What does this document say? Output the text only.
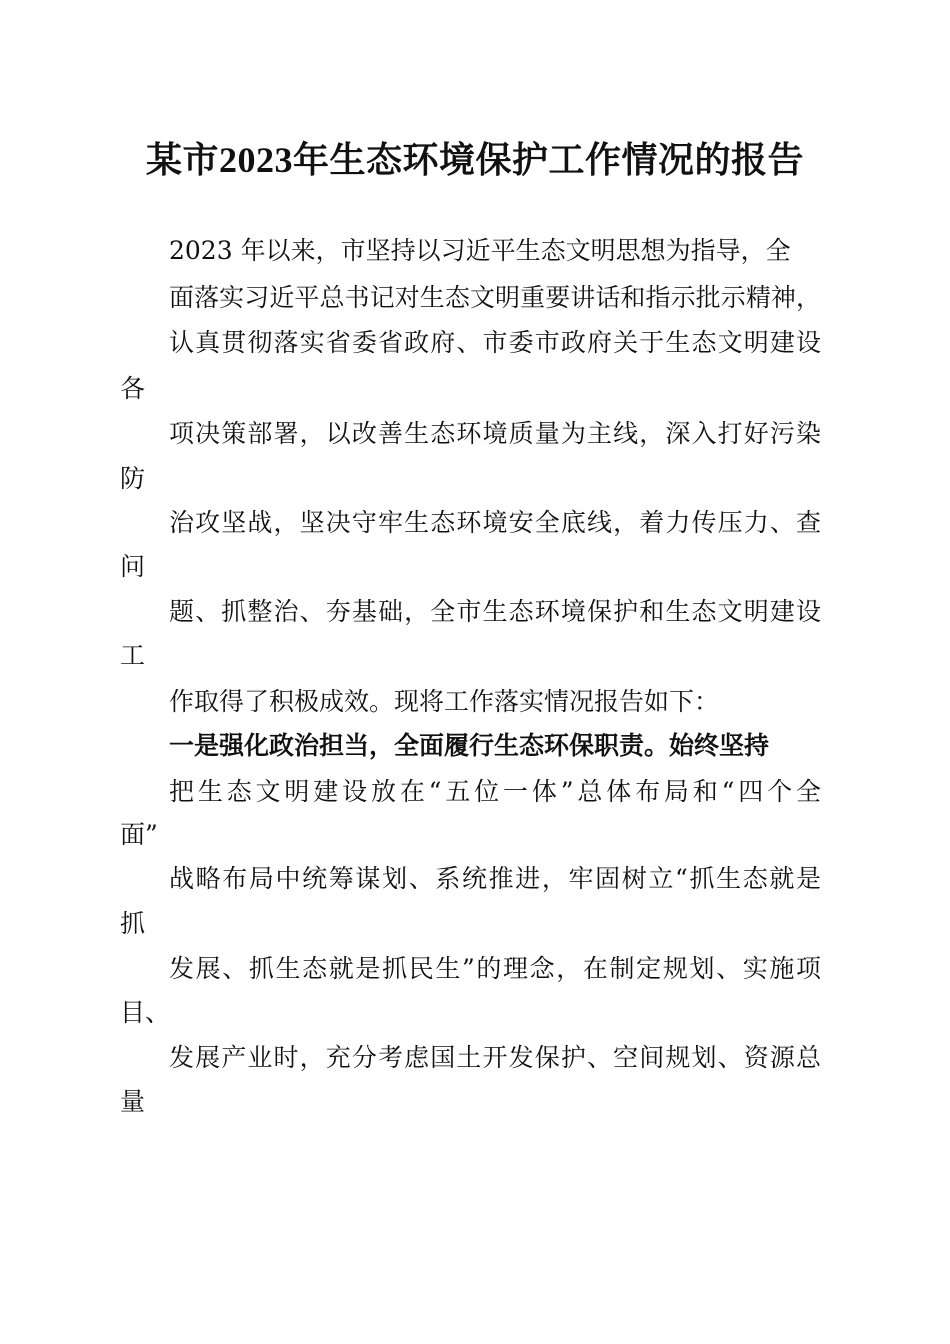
某市2023年生态环境保护工作情况的报告

2023 年以来，市坚持以习近平生态文明思想为指导，全

面落实习近平总书记对生态文明重要讲话和指示批示精神，

认真贯彻落实省委省政府、市委市政府关于生态文明建设

各

项决策部署，以改善生态环境质量为主线，深入打好污染

防

治攻坚战，坚决守牢生态环境安全底线，着力传压力、查

问

题、抓整治、夯基础，全市生态环境保护和生态文明建设

工

作取得了积极成效。现将工作落实情况报告如下：

一是强化政治担当，全面履行生态环保职责。始终坚持

把生态文明建设放在“五位一体”总体布局和“四个全

面”

战略布局中统筹谋划、系统推进，牢固树立“抓生态就是

抓

发展、抓生态就是抓民生”的理念，在制定规划、实施项

目、

发展产业时，充分考虑国土开发保护、空间规划、资源总

量
